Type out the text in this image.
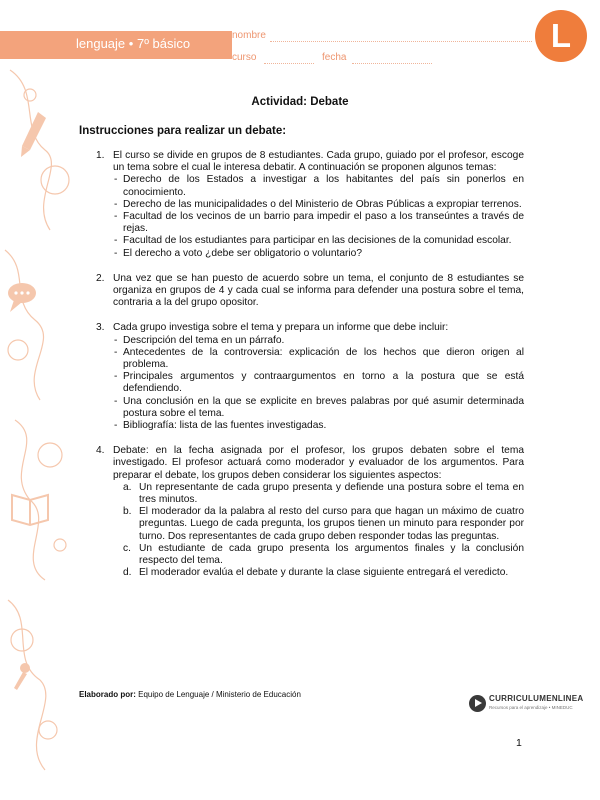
lenguaje • 7º básico
nombre
curso	fecha
L
Actividad: Debate
Instrucciones para realizar un debate:
1. El curso se divide en grupos de 8 estudiantes. Cada grupo, guiado por el profesor, escoge un tema sobre el cual le interesa debatir. A continuación se proponen algunos temas:
- Derecho de los Estados a investigar a los habitantes del país sin ponerlos en conocimiento.
- Derecho de las municipalidades o del Ministerio de Obras Públicas a expropiar terrenos.
- Facultad de los vecinos de un barrio para impedir el paso a los transeúntes a través de rejas.
- Facultad de los estudiantes para participar en las decisiones de la comunidad escolar.
- El derecho a voto ¿debe ser obligatorio o voluntario?
2. Una vez que se han puesto de acuerdo sobre un tema, el conjunto de 8 estudiantes se organiza en grupos de 4 y cada cual se informa para defender una postura sobre el tema, contraria a la del grupo opositor.
3. Cada grupo investiga sobre el tema y prepara un informe que debe incluir:
- Descripción del tema en un párrafo.
- Antecedentes de la controversia: explicación de los hechos que dieron origen al problema.
- Principales argumentos y contraargumentos en torno a la postura que se está defendiendo.
- Una conclusión en la que se explicite en breves palabras por qué asumir determinada postura sobre el tema.
- Bibliografía: lista de las fuentes investigadas.
4. Debate: en la fecha asignada por el profesor, los grupos debaten sobre el tema investigado. El profesor actuará como moderador y evaluador de los argumentos. Para preparar el debate, los grupos deben considerar los siguientes aspectos:
a. Un representante de cada grupo presenta y defiende una postura sobre el tema en tres minutos.
b. El moderador da la palabra al resto del curso para que hagan un máximo de cuatro preguntas. Luego de cada pregunta, los grupos tienen un minuto para responder por turno. Dos representantes de cada grupo deben responder todas las preguntas.
c. Un estudiante de cada grupo presenta los argumentos finales y la conclusión respecto del tema.
d. El moderador evalúa el debate y durante la clase siguiente entregará el veredicto.
Elaborado por: Equipo de Lenguaje / Ministerio de Educación	CURRICULUMENLINEA
Recursos para el aprendizaje • MINEDUC
1
